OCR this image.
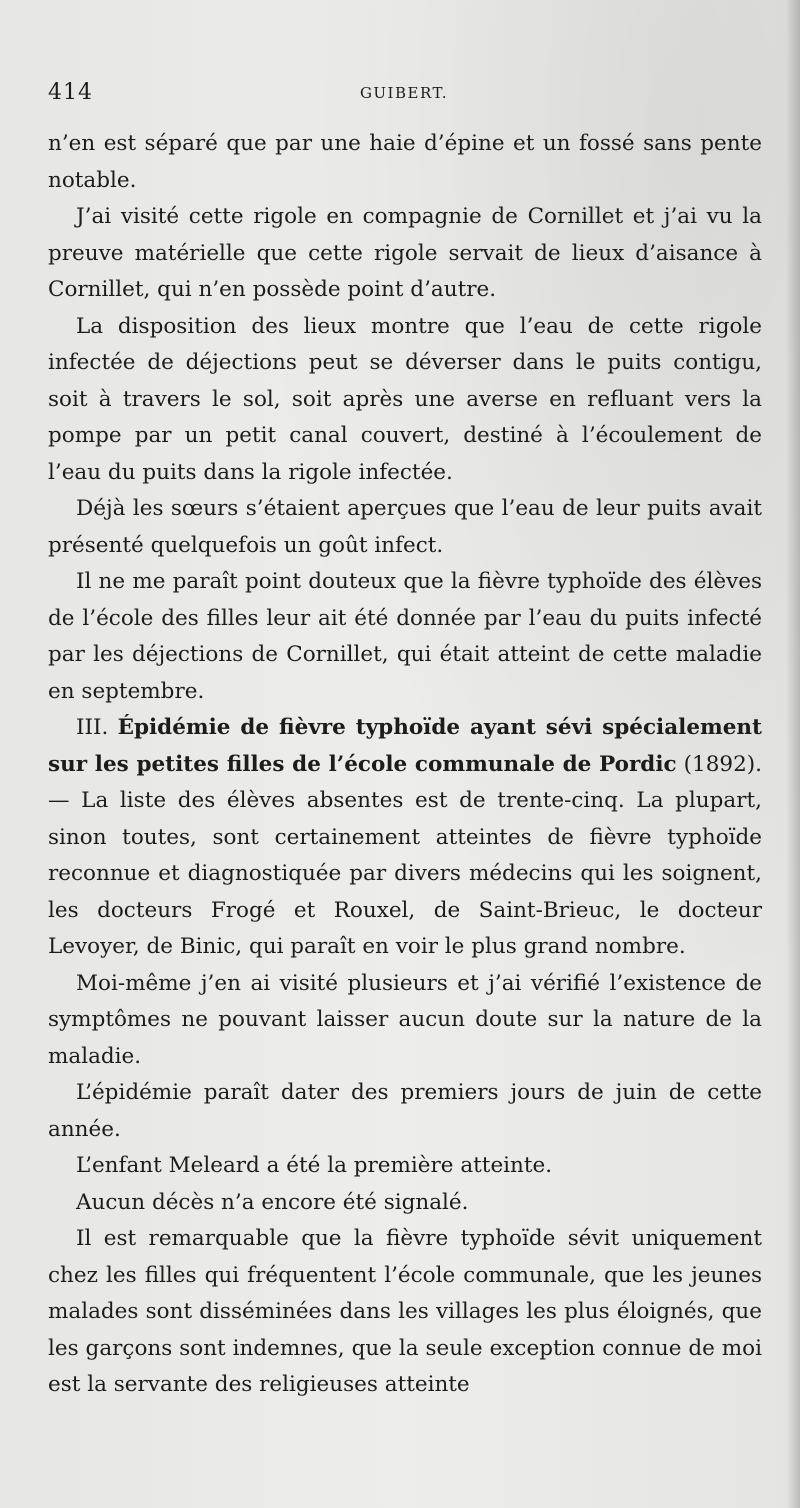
414	GUIBERT.

n’en est séparé que par une haie d’épine et un fossé sans pente notable.

J’ai visité cette rigole en compagnie de Cornillet et j’ai vu la preuve matérielle que cette rigole servait de lieux d’aisance à Cornillet, qui n’en possède point d’autre.

La disposition des lieux montre que l’eau de cette rigole infectée de déjections peut se déverser dans le puits contigu, soit à travers le sol, soit après une averse en refluant vers la pompe par un petit canal couvert, destiné à l’écoulement de l’eau du puits dans la rigole infectée.

Déjà les sœurs s’étaient aperçues que l’eau de leur puits avait présenté quelquefois un goût infect.

Il ne me paraît point douteux que la fièvre typhoïde des élèves de l’école des filles leur ait été donnée par l’eau du puits infecté par les déjections de Cornillet, qui était atteint de cette maladie en septembre.

III. Épidémie de fièvre typhoïde ayant sévi spécialement sur les petites filles de l’école communale de Pordic (1892). — La liste des élèves absentes est de trente-cinq. La plupart, sinon toutes, sont certainement atteintes de fièvre typhoïde reconnue et diagnostiquée par divers médecins qui les soignent, les docteurs Frogé et Rouxel, de Saint-Brieuc, le docteur Levoyer, de Binic, qui paraît en voir le plus grand nombre.

Moi-même j’en ai visité plusieurs et j’ai vérifié l’existence de symptômes ne pouvant laisser aucun doute sur la nature de la maladie.

L’épidémie paraît dater des premiers jours de juin de cette année.

L’enfant Meleard a été la première atteinte.

Aucun décès n’a encore été signalé.

Il est remarquable que la fièvre typhoïde sévit uniquement chez les filles qui fréquentent l’école communale, que les jeunes malades sont disséminées dans les villages les plus éloignés, que les garçons sont indemnes, que la seule exception connue de moi est la servante des religieuses atteinte
